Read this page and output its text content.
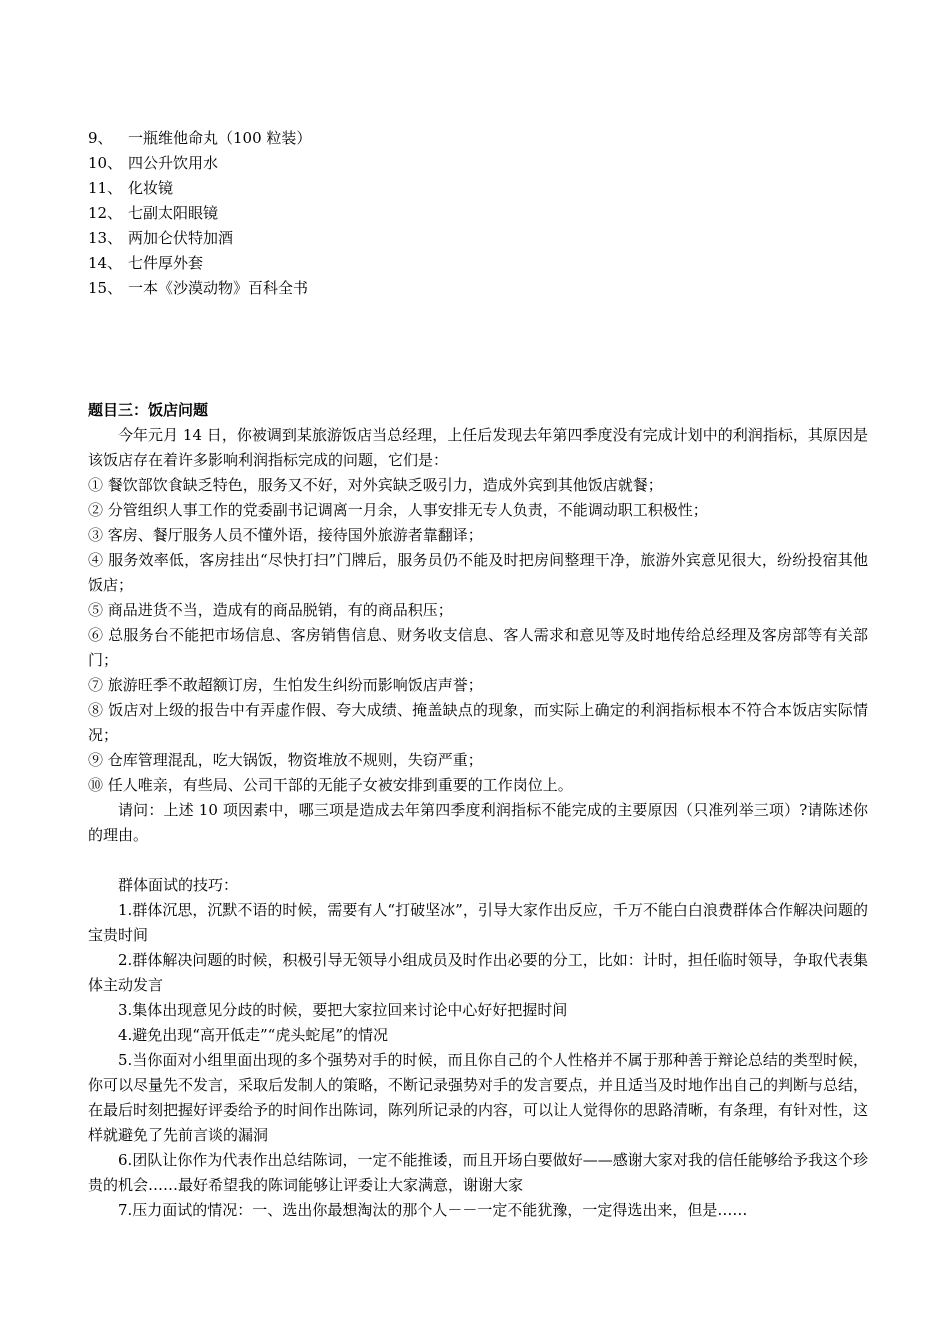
9、 一瓶维他命丸（100 粒装）
10、 四公升饮用水
11、 化妆镜
12、 七副太阳眼镜
13、 两加仑伏特加酒
14、 七件厚外套
15、 一本《沙漠动物》百科全书

题目三：饭店问题

今年元月 14 日，你被调到某旅游饭店当总经理，上任后发现去年第四季度没有完成计划中的利润指标，其原因是该饭店存在着许多影响利润指标完成的问题，它们是：

① 餐饮部饮食缺乏特色，服务又不好，对外宾缺乏吸引力，造成外宾到其他饭店就餐；

② 分管组织人事工作的党委副书记调离一月余，人事安排无专人负责，不能调动职工积极性；

③ 客房、餐厅服务人员不懂外语，接待国外旅游者靠翻译；

④ 服务效率低，客房挂出“尽快打扫”门牌后，服务员仍不能及时把房间整理干净，旅游外宾意见很大，纷纷投宿其他饭店；

⑤ 商品进货不当，造成有的商品脱销，有的商品积压；

⑥ 总服务台不能把市场信息、客房销售信息、财务收支信息、客人需求和意见等及时地传给总经理及客房部等有关部门；

⑦ 旅游旺季不敢超额订房，生怕发生纠纷而影响饭店声誉；

⑧ 饭店对上级的报告中有弄虚作假、夸大成绩、掩盖缺点的现象，而实际上确定的利润指标根本不符合本饭店实际情况；

⑨ 仓库管理混乱，吃大锅饭，物资堆放不规则，失窃严重；

⑩ 任人唯亲，有些局、公司干部的无能子女被安排到重要的工作岗位上。

请问：上述 10 项因素中，哪三项是造成去年第四季度利润指标不能完成的主要原因（只准列举三项）?请陈述你的理由。

群体面试的技巧：

1.群体沉思，沉默不语的时候，需要有人“打破坚冰”，引导大家作出反应，千万不能白白浪费群体合作解决问题的宝贵时间

2.群体解决问题的时候，积极引导无领导小组成员及时作出必要的分工，比如：计时，担任临时领导，争取代表集体主动发言

3.集体出现意见分歧的时候，要把大家拉回来讨论中心好好把握时间

4.避免出现“高开低走”“虎头蛇尾”的情况

5.当你面对小组里面出现的多个强势对手的时候，而且你自己的个人性格并不属于那种善于辩论总结的类型时候，你可以尽量先不发言，采取后发制人的策略，不断记录强势对手的发言要点，并且适当及时地作出自己的判断与总结，在最后时刻把握好评委给予的时间作出陈词，陈列所记录的内容，可以让人觉得你的思路清晰，有条理，有针对性，这样就避免了先前言谈的漏洞

6.团队让你作为代表作出总结陈词，一定不能推诿，而且开场白要做好——感谢大家对我的信任能够给予我这个珍贵的机会……最好希望我的陈词能够让评委让大家满意，谢谢大家

7.压力面试的情况：一、选出你最想淘汰的那个人－－一定不能犹豫，一定得选出来，但是……
